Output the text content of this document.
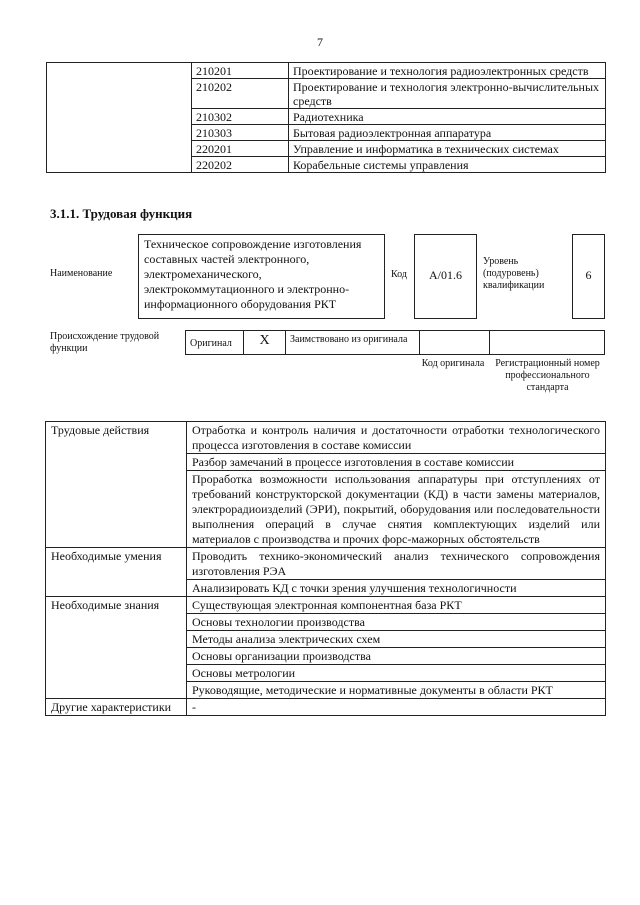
7
	210201	Проектирование и технология радиоэлектронных средств
	210202	Проектирование и технология электронно-вычислительных средств
	210302	Радиотехника
	210303	Бытовая радиоэлектронная аппаратура
	220201	Управление и информатика в технических системах
	220202	Корабельные системы управления
3.1.1. Трудовая функция
Наименование
Техническое сопровождение изготовления составных частей электронного, электромеханического, электрокоммутационного и электронно-информационного оборудования РКТ
Код	А/01.6
Уровень (подуровень) квалификации
6
Происхождение трудовой функции	Оригинал	X	Заимствовано из оригинала		
Код оригинала	Регистрационный номер профессионального стандарта
Трудовые действия	Отработка и контроль наличия и достаточности отработки технологического процесса изготовления в составе комиссии
	Разбор замечаний в процессе изготовления в составе комиссии
	Проработка возможности использования аппаратуры при отступлениях от требований конструкторской документации (КД) в части замены материалов, электрорадиоизделий (ЭРИ), покрытий, оборудования или последовательности выполнения операций в случае снятия комплектующих изделий или материалов с производства и прочих форс-мажорных обстоятельств
Необходимые умения	Проводить технико-экономический анализ технического сопровождения изготовления РЭА
	Анализировать КД с точки зрения улучшения технологичности
Необходимые знания	Существующая электронная компонентная база РКТ
	Основы технологии производства
	Методы анализа электрических схем
	Основы организации производства
	Основы метрологии
	Руководящие, методические и нормативные документы в области РКТ
Другие характеристики	-
